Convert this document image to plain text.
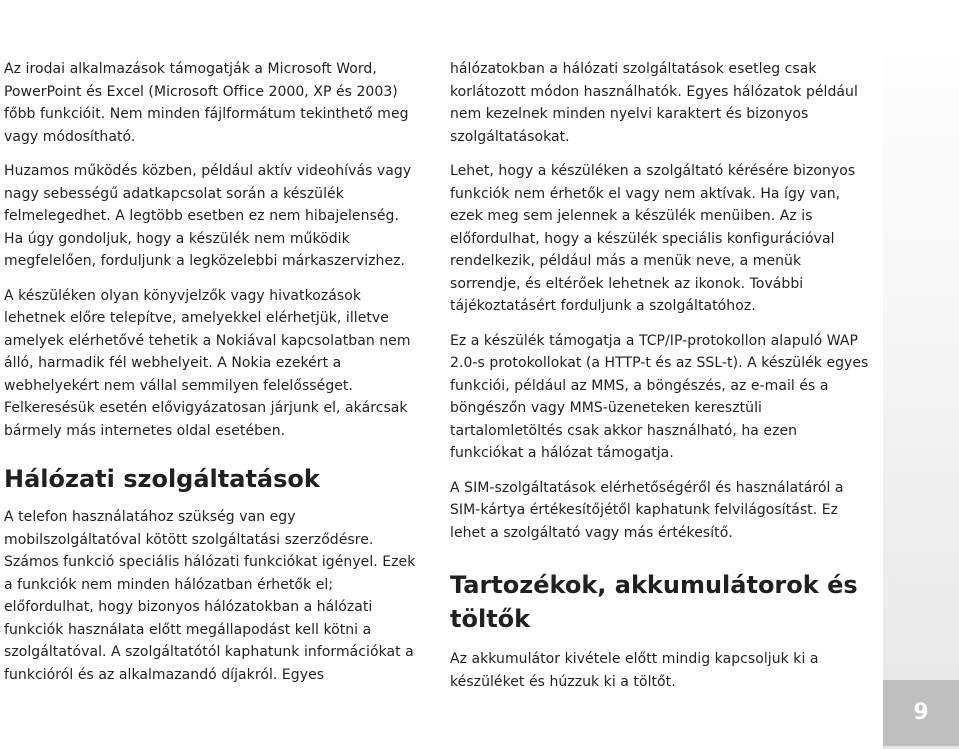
Az irodai alkalmazások támogatják a Microsoft Word, PowerPoint és Excel (Microsoft Office 2000, XP és 2003) főbb funkcióit. Nem minden fájlformátum tekinthető meg vagy módosítható.

Huzamos működés közben, például aktív videohívás vagy nagy sebességű adatkapcsolat során a készülék felmelegedhet. A legtöbb esetben ez nem hibajelenség. Ha úgy gondoljuk, hogy a készülék nem működik megfelelően, forduljunk a legközelebbi márkaszervizhez.

A készüléken olyan könyvjelzők vagy hivatkozások lehetnek előre telepítve, amelyekkel elérhetjük, illetve amelyek elérhetővé tehetik a Nokiával kapcsolatban nem álló, harmadik fél webhelyeit. A Nokia ezekért a webhelyekért nem vállal semmilyen felelősséget. Felkeresésük esetén elővigyázatosan járjunk el, akárcsak bármely más internetes oldal esetében.

Hálózati szolgáltatások

A telefon használatához szükség van egy mobilszolgáltatóval kötött szolgáltatási szerződésre. Számos funkció speciális hálózati funkciókat igényel. Ezek a funkciók nem minden hálózatban érhetők el; előfordulhat, hogy bizonyos hálózatokban a hálózati funkciók használata előtt megállapodást kell kötni a szolgáltatóval. A szolgáltatótól kaphatunk információkat a funkcióról és az alkalmazandó díjakról. Egyes

hálózatokban a hálózati szolgáltatások esetleg csak korlátozott módon használhatók. Egyes hálózatok például nem kezelnek minden nyelvi karaktert és bizonyos szolgáltatásokat.

Lehet, hogy a készüléken a szolgáltató kérésére bizonyos funkciók nem érhetők el vagy nem aktívak. Ha így van, ezek meg sem jelennek a készülék menüiben. Az is előfordulhat, hogy a készülék speciális konfigurációval rendelkezik, például más a menük neve, a menük sorrendje, és eltérőek lehetnek az ikonok. További tájékoztatásért forduljunk a szolgáltatóhoz.

Ez a készülék támogatja a TCP/IP-protokollon alapuló WAP 2.0-s protokollokat (a HTTP-t és az SSL-t). A készülék egyes funkciói, például az MMS, a böngészés, az e-mail és a böngészőn vagy MMS-üzeneteken keresztüli tartalomletöltés csak akkor használható, ha ezen funkciókat a hálózat támogatja.

A SIM-szolgáltatások elérhetőségéről és használatáról a SIM-kártya értékesítőjétől kaphatunk felvilágosítást. Ez lehet a szolgáltató vagy más értékesítő.

Tartozékok, akkumulátorok és töltők

Az akkumulátor kivétele előtt mindig kapcsoljuk ki a készüléket és húzzuk ki a töltőt.

9
